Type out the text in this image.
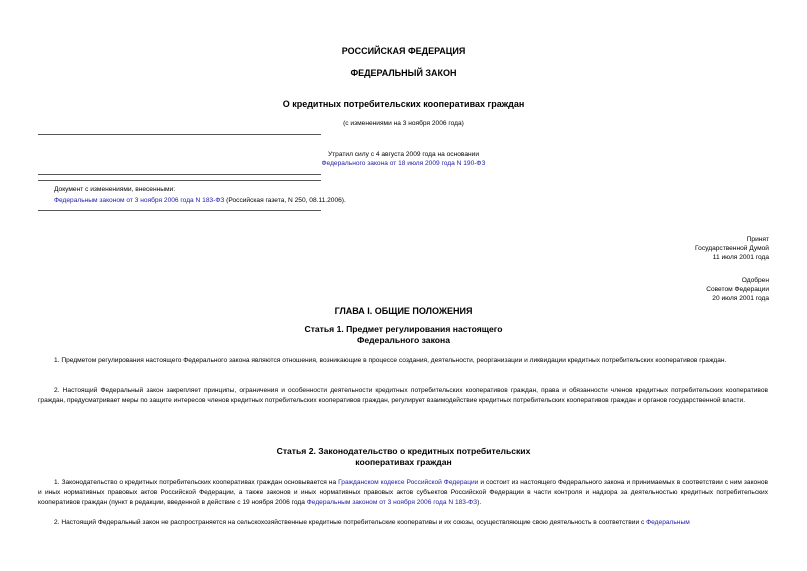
РОССИЙСКАЯ ФЕДЕРАЦИЯ
ФЕДЕРАЛЬНЫЙ ЗАКОН
О кредитных потребительских кооперативах граждан
(с изменениями на 3 ноября 2006 года)
Утратил силу с 4 августа 2009 года на основании
Федерального закона от 18 июля 2009 года N 190-ФЗ
Документ с изменениями, внесенными:
Федеральным законом от 3 ноября 2006 года N 183-ФЗ (Российская газета, N 250, 08.11.2006).
Принят
Государственной Думой
11 июля 2001 года
Одобрен
Советом Федерации
20 июля 2001 года
ГЛАВА I. ОБЩИЕ ПОЛОЖЕНИЯ
Статья 1. Предмет регулирования настоящего
Федерального закона
1. Предметом регулирования настоящего Федерального закона являются отношения, возникающие в процессе создания, деятельности, реорганизации и ликвидации кредитных потребительских кооперативов граждан.
2. Настоящий Федеральный закон закрепляет принципы, ограничения и особенности деятельности кредитных потребительских кооперативов граждан, права и обязанности членов кредитных потребительских кооперативов граждан, предусматривает меры по защите интересов членов кредитных потребительских кооперативов граждан, регулирует взаимодействие кредитных потребительских кооперативов граждан и органов государственной власти.
Статья 2. Законодательство о кредитных потребительских
кооперативах граждан
1. Законодательство о кредитных потребительских кооперативах граждан основывается на Гражданском кодексе Российской Федерации и состоит из настоящего Федерального закона и принимаемых в соответствии с ним законов и иных нормативных правовых актов Российской Федерации, а также законов и иных нормативных правовых актов субъектов Российской Федерации в части контроля и надзора за деятельностью кредитных потребительских кооперативов граждан (пункт в редакции, введенной в действие с 19 ноября 2006 года Федеральным законом от 3 ноября 2006 года N 183-ФЗ).
2. Настоящий Федеральный закон не распространяется на сельскохозяйственные кредитные потребительские кооперативы и их союзы, осуществляющие свою деятельность в соответствии с Федеральным
